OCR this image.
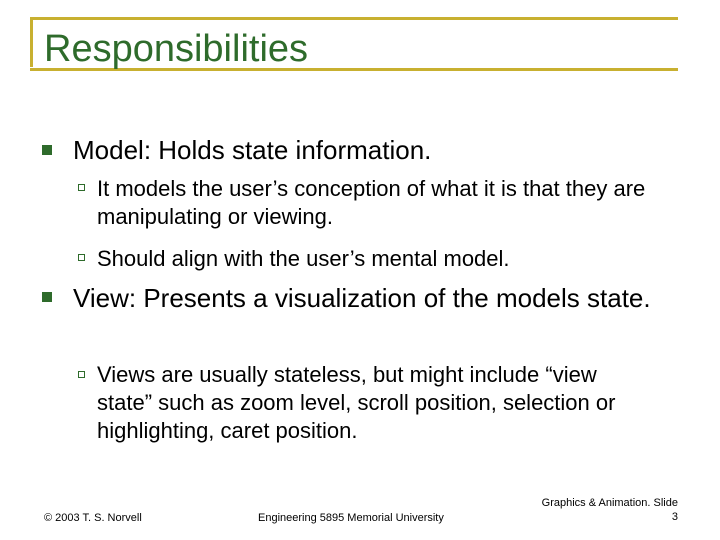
Responsibilities
Model: Holds state information.
It models the user’s conception of what it is that they are manipulating or viewing.
Should align with the user’s mental model.
View: Presents a visualization of the models state.
Views are usually stateless, but might include “view state” such as zoom level, scroll position, selection or highlighting, caret position.
© 2003 T. S. Norvell	Engineering 5895 Memorial University
Graphics & Animation. Slide
3
